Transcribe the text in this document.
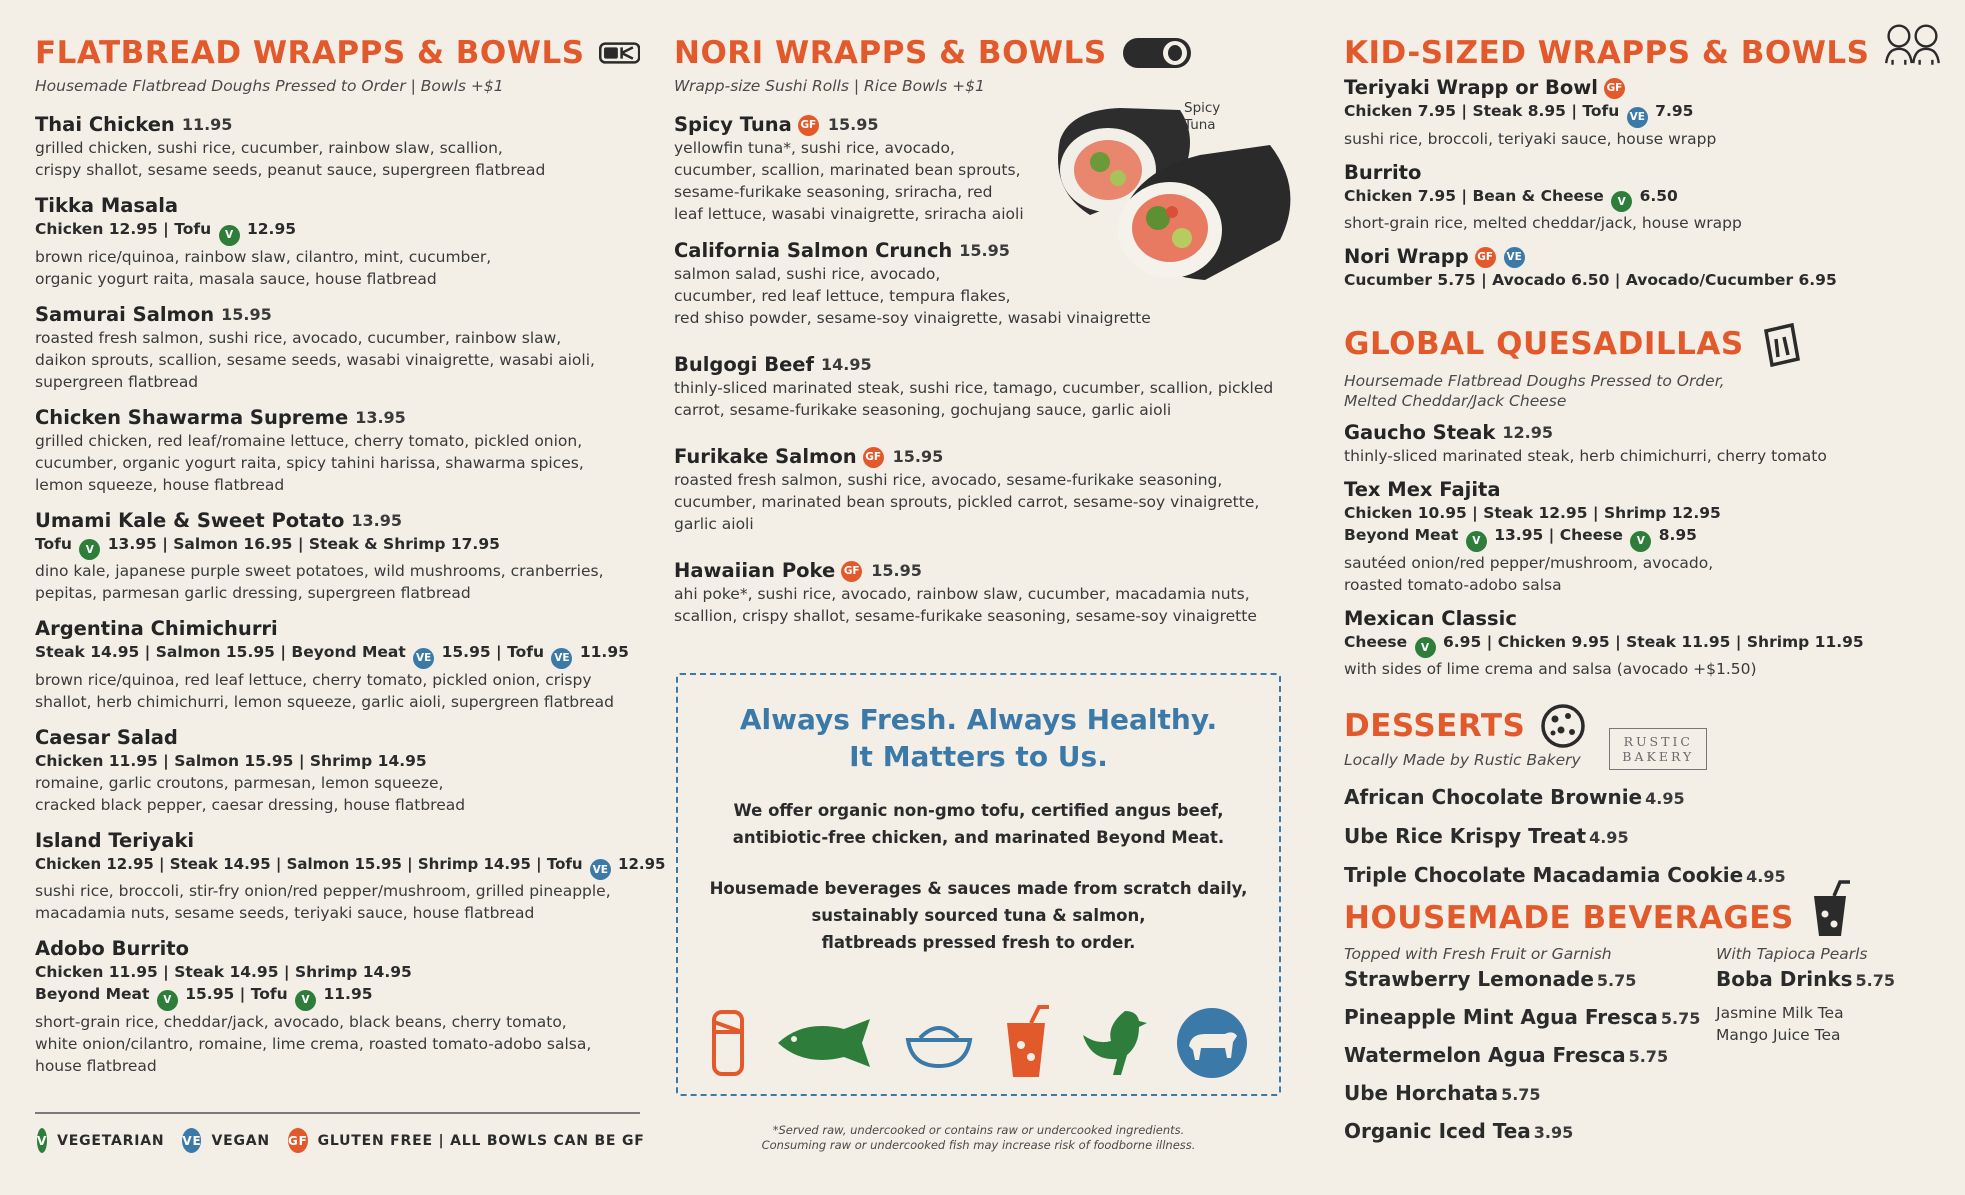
FLATBREAD WRAPPS & BOWLS
Housemade Flatbread Doughs Pressed to Order | Bowls +$1
Thai Chicken 11.95
grilled chicken, sushi rice, cucumber, rainbow slaw, scallion,
crispy shallot, sesame seeds, peanut sauce, supergreen flatbread
Tikka Masala
Chicken 12.95 | Tofu V 12.95
brown rice/quinoa, rainbow slaw, cilantro, mint, cucumber,
organic yogurt raita, masala sauce, house flatbread
Samurai Salmon 15.95
roasted fresh salmon, sushi rice, avocado, cucumber, rainbow slaw,
daikon sprouts, scallion, sesame seeds, wasabi vinaigrette, wasabi aioli,
supergreen flatbread
Chicken Shawarma Supreme 13.95
grilled chicken, red leaf/romaine lettuce, cherry tomato, pickled onion,
cucumber, organic yogurt raita, spicy tahini harissa, shawarma spices,
lemon squeeze, house flatbread
Umami Kale & Sweet Potato 13.95
Tofu V 13.95 | Salmon 16.95 | Steak & Shrimp 17.95
dino kale, japanese purple sweet potatoes, wild mushrooms, cranberries,
pepitas, parmesan garlic dressing, supergreen flatbread
Argentina Chimichurri
Steak 14.95 | Salmon 15.95 | Beyond Meat VE 15.95 | Tofu VE 11.95
brown rice/quinoa, red leaf lettuce, cherry tomato, pickled onion, crispy
shallot, herb chimichurri, lemon squeeze, garlic aioli, supergreen flatbread
Caesar Salad
Chicken 11.95 | Salmon 15.95 | Shrimp 14.95
romaine, garlic croutons, parmesan, lemon squeeze,
cracked black pepper, caesar dressing, house flatbread
Island Teriyaki
Chicken 12.95 | Steak 14.95 | Salmon 15.95 | Shrimp 14.95 | Tofu VE 12.95
sushi rice, broccoli, stir-fry onion/red pepper/mushroom, grilled pineapple,
macadamia nuts, sesame seeds, teriyaki sauce, house flatbread
Adobo Burrito
Chicken 11.95 | Steak 14.95 | Shrimp 14.95
Beyond Meat V 15.95 | Tofu V 11.95
short-grain rice, cheddar/jack, avocado, black beans, cherry tomato,
white onion/cilantro, romaine, lime crema, roasted tomato-adobo salsa,
house flatbread
V VEGETARIAN VE VEGAN GF GLUTEN FREE | ALL BOWLS CAN BE GF
NORI WRAPPS & BOWLS
Wrapp-size Sushi Rolls | Rice Bowls +$1
Spicy Tuna GF 15.95
yellowfin tuna*, sushi rice, avocado,
cucumber, scallion, marinated bean sprouts,
sesame-furikake seasoning, sriracha, red
leaf lettuce, wasabi vinaigrette, sriracha aioli
California Salmon Crunch 15.95
salmon salad, sushi rice, avocado,
cucumber, red leaf lettuce, tempura flakes,
red shiso powder, sesame-soy vinaigrette, wasabi vinaigrette
Bulgogi Beef 14.95
thinly-sliced marinated steak, sushi rice, tamago, cucumber, scallion, pickled
carrot, sesame-furikake seasoning, gochujang sauce, garlic aioli
Furikake Salmon GF 15.95
roasted fresh salmon, sushi rice, avocado, sesame-furikake seasoning,
cucumber, marinated bean sprouts, pickled carrot, sesame-soy vinaigrette,
garlic aioli
Hawaiian Poke GF 15.95
ahi poke*, sushi rice, avocado, rainbow slaw, cucumber, macadamia nuts,
scallion, crispy shallot, sesame-furikake seasoning, sesame-soy vinaigrette
Spicy
Tuna
Always Fresh. Always Healthy.
It Matters to Us.
We offer organic non-gmo tofu, certified angus beef,
antibiotic-free chicken, and marinated Beyond Meat.
Housemade beverages & sauces made from scratch daily,
sustainably sourced tuna & salmon,
flatbreads pressed fresh to order.
*Served raw, undercooked or contains raw or undercooked ingredients.
Consuming raw or undercooked fish may increase risk of foodborne illness.
KID-SIZED WRAPPS & BOWLS
Teriyaki Wrapp or Bowl GF
Chicken 7.95 | Steak 8.95 | Tofu VE 7.95
sushi rice, broccoli, teriyaki sauce, house wrapp
Burrito
Chicken 7.95 | Bean & Cheese V 6.50
short-grain rice, melted cheddar/jack, house wrapp
Nori Wrapp GF VE
Cucumber 5.75 | Avocado 6.50 | Avocado/Cucumber 6.95
GLOBAL QUESADILLAS
Hoursemade Flatbread Doughs Pressed to Order,
Melted Cheddar/Jack Cheese
Gaucho Steak 12.95
thinly-sliced marinated steak, herb chimichurri, cherry tomato
Tex Mex Fajita
Chicken 10.95 | Steak 12.95 | Shrimp 12.95
Beyond Meat V 13.95 | Cheese V 8.95
sautéed onion/red pepper/mushroom, avocado,
roasted tomato-adobo salsa
Mexican Classic
Cheese V 6.95 | Chicken 9.95 | Steak 11.95 | Shrimp 11.95
with sides of lime crema and salsa (avocado +$1.50)
DESSERTS
Locally Made by Rustic Bakery
RUSTIC
BAKERY
African Chocolate Brownie 4.95
Ube Rice Krispy Treat 4.95
Triple Chocolate Macadamia Cookie 4.95
HOUSEMADE BEVERAGES
Topped with Fresh Fruit or Garnish
Strawberry Lemonade 5.75
Pineapple Mint Agua Fresca 5.75
Watermelon Agua Fresca 5.75
Ube Horchata 5.75
Organic Iced Tea 3.95
With Tapioca Pearls
Boba Drinks 5.75
Jasmine Milk Tea
Mango Juice Tea
